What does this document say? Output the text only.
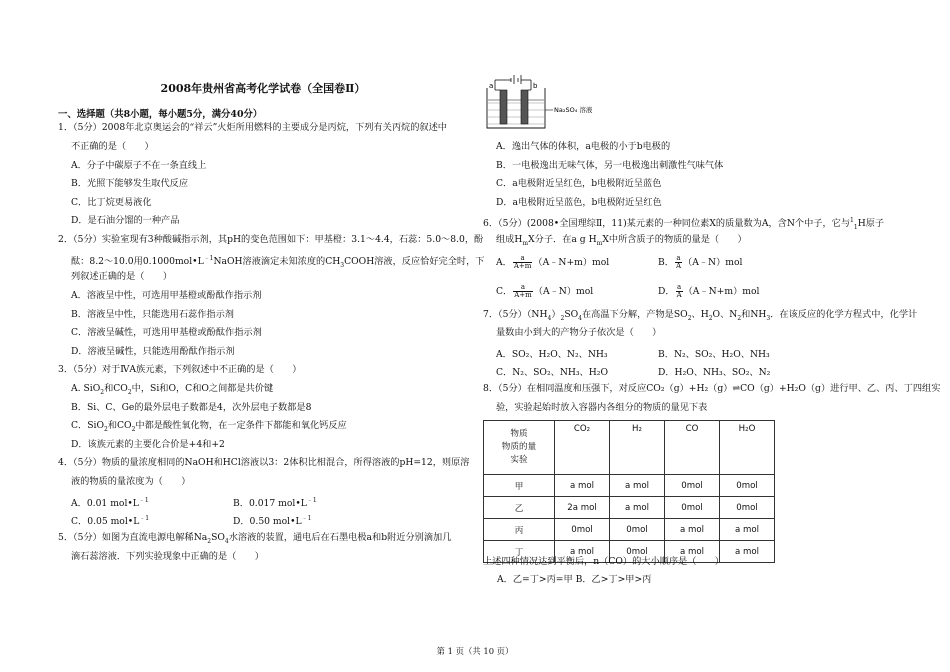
2008年贵州省高考化学试卷（全国卷Ⅱ）
一、选择题（共8小题，每小题5分，满分40分）
1．（5分）2008年北京奥运会的“祥云”火炬所用燃料的主要成分是丙烷，下列有关丙烷的叙述中
不正确的是（　　）
A．分子中碳原子不在一条直线上
B．光照下能够发生取代反应
C．比丁烷更易液化
D．是石油分馏的一种产品
2．（5分）实验室现有3种酸碱指示剂，其pH的变色范围如下：甲基橙：3.1～4.4，石蕊：5.0～8.0，酚
酞：8.2～10.0用$0.1000mol•L^{﹣1}NaOH$溶液滴定未知浓度的$CH_3COOH$溶液，反应恰好完全时，下
列叙述正确的是（　　）
A．溶液呈中性，可选用甲基橙或酚酞作指示剂
B．溶液呈中性，只能选用石蕊作指示剂
C．溶液呈碱性，可选用甲基橙或酚酞作指示剂
D．溶液呈碱性，只能选用酚酞作指示剂
3．（5分）对于ⅣA族元素，下列叙述中不正确的是（　　）
A. SiO$_2$和$CO_2$中，Si和O，C和O之间都是共价键
B．Si、C、Ge的最外层电子数都是4，次外层电子数都是8
C．SiO$_2$和$CO_2$中都是酸性氧化物，在一定条件下都能和氧化钙反应
D．该族元素的主要化合价是+4和+2
4．（5分）物质的量浓度相同的NaOH和HCl溶液以3：2体积比相混合，所得溶液的pH=12，则原溶
液的物质的量浓度为（　　）
A．0.01 $mol•L^{﹣1}$	B．0.017 $mol•L^{﹣1}$
C．0.05 $mol•L^{﹣1}$	D．0.50 $mol•L^{﹣1}$
5．（5分）如图为直流电源电解稀$Na_2SO_4$水溶液的装置，通电后在石墨电极a和b附近分别滴加几
滴石蕊溶液．下列实验现象中正确的是（　　）
a	b
Na₂SO₄ 溶液
A．逸出气体的体积，a电极的小于b电极的
B．一电极逸出无味气体，另一电极逸出刺激性气味气体
C．a电极附近呈红色，b电极附近呈蓝色
D．a电极附近呈蓝色，b电极附近呈红色
6．（5分）(2008•全国理综Ⅱ，11)某元素的一种同位素X的质量数为A，含N个中子，它与$^1_1$H原子
组成$H_mX$分子．在a g $H_mX$中所含质子的物质的量是（　　）
A． $\frac{a}{A+m}$ （A﹣N+m）mol	B． $\frac{a}{A}$ （A﹣N）mol
C． $\frac{a}{A+m}$ （A﹣N）mol	D． $\frac{a}{A}$ （A﹣N+m）mol
7．（5分）$(NH_4)_2SO_4$在高温下分解，产物是$SO_2$、$H_2O$、$N_2$和$NH_3$．在该反应的化学方程式中，化学计
量数由小到大的产物分子依次是（　　）
A．SO₂、H₂O、N₂、NH₃	B．N₂、SO₂、H₂O、NH₃
C．N₂、SO₂、NH₃、H₂O	D．H₂O、NH₃、SO₂、N₂
8．（5分）在相同温度和压强下，对反应CO₂（g）+H₂（g）⇌CO（g）+H₂O（g）进行甲、乙、丙、丁四组实
验，实验起始时放入容器内各组分的物质的量见下表
物质
物质的量
实验	CO₂	H₂	CO	H₂O
甲	a mol	a mol	0mol	0mol
乙	2a mol	a mol	0mol	0mol
丙	0mol	0mol	a mol	a mol
丁	a mol	0mol	a mol	a mol
上述四种情况达到平衡后，n（CO）的大小顺序是（　　）
A．乙=丁>丙=甲 B．乙>丁>甲>丙
第 1 页（共 10 页）
